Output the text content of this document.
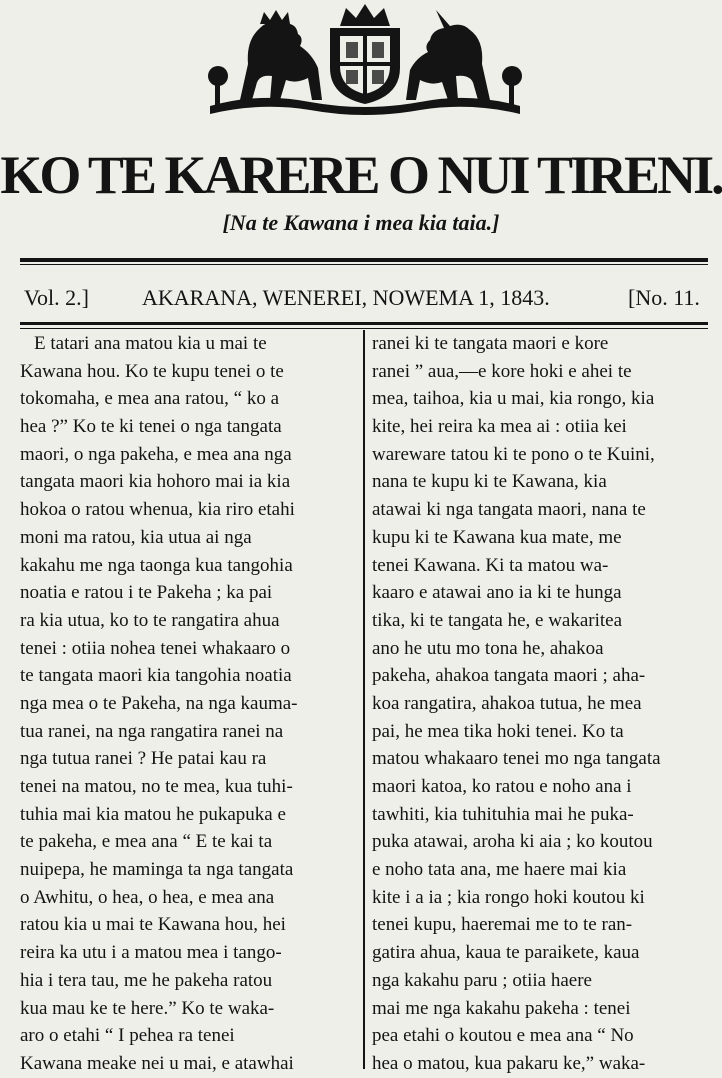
KO TE KARERE O NUI TIRENI.
[Na te Kawana i mea kia taia.]
Vol. 2.] AKARANA, WENEREI, NOWEMA 1, 1843.	[No. 11.
E tatari ana matou kia u mai te
Kawana hou. Ko te kupu tenei o te
tokomaha, e mea ana ratou, “ ko a
hea ?” Ko te ki tenei o nga tangata
maori, o nga pakeha, e mea ana nga
tangata maori kia hohoro mai ia kia
hokoa o ratou whenua, kia riro etahi
moni ma ratou, kia utua ai nga
kakahu me nga taonga kua tangohia
noatia e ratou i te Pakeha ; ka pai
ra kia utua, ko to te rangatira ahua
tenei : otiia nohea tenei whakaaro o
te tangata maori kia tangohia noatia
nga mea o te Pakeha, na nga kauma-
tua ranei, na nga rangatira ranei na
nga tutua ranei ? He patai kau ra
tenei na matou, no te mea, kua tuhi-
tuhia mai kia matou he pukapuka e
te pakeha, e mea ana “ E te kai ta
nuipepa, he maminga ta nga tangata
o Awhitu, o hea, o hea, e mea ana
ratou kia u mai te Kawana hou, hei
reira ka utu i a matou mea i tango-
hia i tera tau, me he pakeha ratou
kua mau ke te here.” Ko te waka-
aro o etahi “ I pehea ra tenei
Kawana meake nei u mai, e atawhai
ranei ki te tangata maori e kore
ranei ” aua,—e kore hoki e ahei te
mea, taihoa, kia u mai, kia rongo, kia
kite, hei reira ka mea ai : otiia kei
wareware tatou ki te pono o te Kuini,
nana te kupu ki te Kawana, kia
atawai ki nga tangata maori, nana te
kupu ki te Kawana kua mate, me
tenei Kawana. Ki ta matou wa-
kaaro e atawai ano ia ki te hunga
tika, ki te tangata he, e wakaritea
ano he utu mo tona he, ahakoa
pakeha, ahakoa tangata maori ; aha-
koa rangatira, ahakoa tutua, he mea
pai, he mea tika hoki tenei. Ko ta
matou whakaaro tenei mo nga tangata
maori katoa, ko ratou e noho ana i
tawhiti, kia tuhituhia mai he puka-
puka atawai, aroha ki aia ; ko koutou
e noho tata ana, me haere mai kia
kite i a ia ; kia rongo hoki koutou ki
tenei kupu, haeremai me to te ran-
gatira ahua, kaua te paraikete, kaua
nga kakahu paru ; otiia haere
mai me nga kakahu pakeha : tenei
pea etahi o koutou e mea ana “ No
hea o matou, kua pakaru ke,” waka-
